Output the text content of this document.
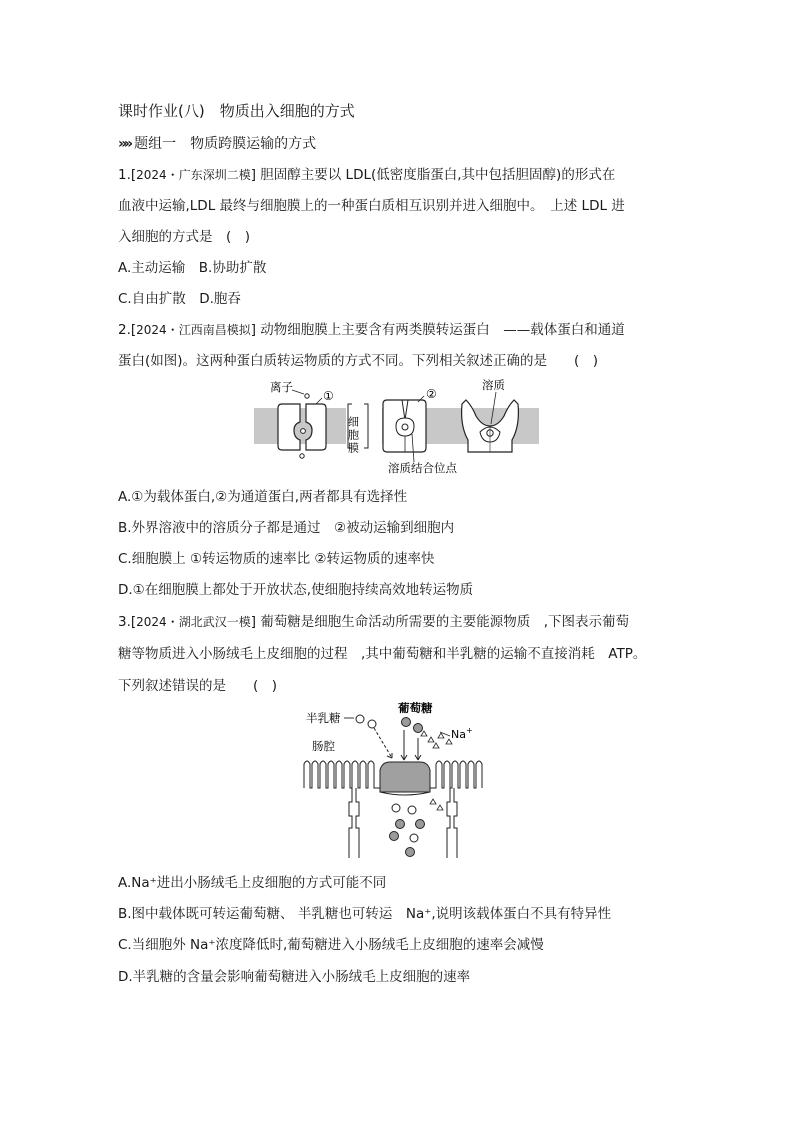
课时作业(八)　物质出入细胞的方式
»» 题组一　物质跨膜运输的方式
1.[2024・广东深圳二模] 胆固醇主要以 LDL(低密度脂蛋白,其中包括胆固醇)的形式在
血液中运输,LDL 最终与细胞膜上的一种蛋白质相互识别并进入细胞中。　上述 LDL 进
入细胞的方式是　(　)
A.主动运输　B.协助扩散
C.自由扩散　D.胞吞
2.[2024・江西南昌模拟] 动物细胞膜上主要含有两类膜转运蛋白　——载体蛋白和通道
蛋白(如图)。这两种蛋白质转运物质的方式不同。下列相关叙述正确的是　　(　)
离子
①
细胞膜
②
溶质
溶质结合位点
A.①为载体蛋白,②为通道蛋白,两者都具有选择性
B.外界溶液中的溶质分子都是通过　②被动运输到细胞内
C.细胞膜上 ①转运物质的速率比 ②转运物质的速率快
D.①在细胞膜上都处于开放状态,使细胞持续高效地转运物质
3.[2024・湖北武汉一模] 葡萄糖是细胞生命活动所需要的主要能源物质　,下图表示葡萄
糖等物质进入小肠绒毛上皮细胞的过程　,其中葡萄糖和半乳糖的运输不直接消耗　ATP。
下列叙述错误的是　　(　)
半乳糖
葡萄糖
Na+
肠腔
A.Na⁺进出小肠绒毛上皮细胞的方式可能不同
B.图中载体既可转运葡萄糖、 半乳糖也可转运　Na⁺,说明该载体蛋白不具有特异性
C.当细胞外 Na⁺浓度降低时,葡萄糖进入小肠绒毛上皮细胞的速率会减慢
D.半乳糖的含量会影响葡萄糖进入小肠绒毛上皮细胞的速率
